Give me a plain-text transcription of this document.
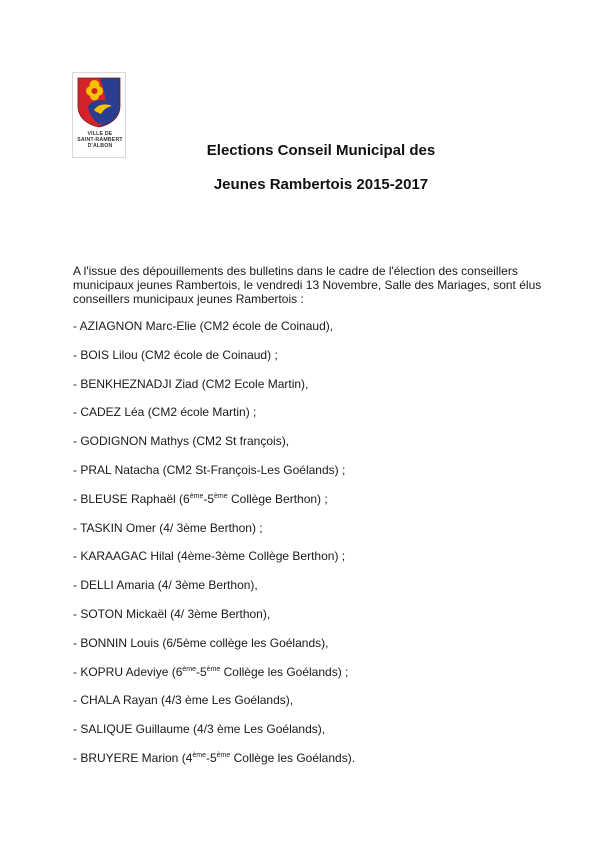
VILLE DE
SAINT-RAMBERT
D'ALBON	Elections Conseil Municipal des
Jeunes Rambertois 2015-2017
A l'issue des dépouillements des bulletins dans le cadre de l'élection des conseillers municipaux jeunes Rambertois, le vendredi 13 Novembre, Salle des Mariages, sont élus conseillers municipaux jeunes Rambertois :
- AZIAGNON Marc-Elie (CM2 école de Coinaud),
- BOIS Lilou (CM2 école de Coinaud) ;
- BENKHEZNADJI Ziad (CM2 Ecole Martin),
- CADEZ Léa (CM2 école Martin) ;
- GODIGNON Mathys (CM2 St françois),
- PRAL Natacha (CM2 St-François-Les Goélands) ;
- BLEUSE Raphaël (6ème-5ème Collège Berthon) ;
- TASKIN Omer (4/ 3ème Berthon) ;
- KARAAGAC Hilal (4ème-3ème Collège Berthon) ;
- DELLI Amaria (4/ 3ème Berthon),
- SOTON Mickaël (4/ 3ème Berthon),
- BONNIN Louis (6/5ème collège les Goélands),
- KOPRU Adeviye (6ème-5ème Collège les Goélands) ;
- CHALA Rayan (4/3 ème Les Goélands),
- SALIQUE Guillaume (4/3 ème Les Goélands),
- BRUYERE Marion (4ème-5ème Collège les Goélands).
